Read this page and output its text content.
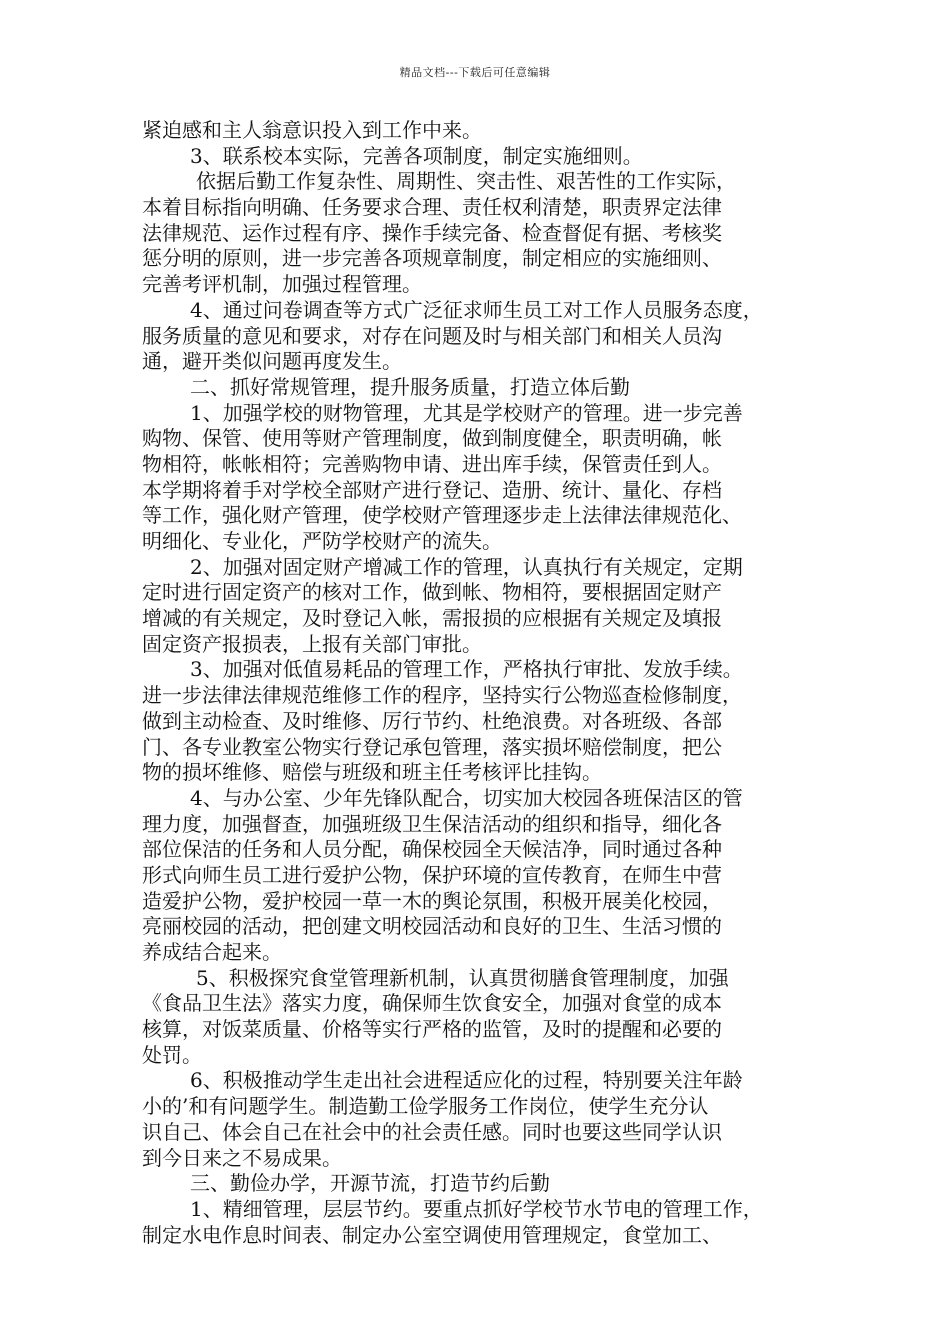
精品文档---下载后可任意编辑
紧迫感和主人翁意识投入到工作中来。
3、联系校本实际，完善各项制度，制定实施细则。
依据后勤工作复杂性、周期性、突击性、艰苦性的工作实际，
本着目标指向明确、任务要求合理、责任权利清楚，职责界定法律
法律规范、运作过程有序、操作手续完备、检查督促有据、考核奖
惩分明的原则，进一步完善各项规章制度，制定相应的实施细则、
完善考评机制，加强过程管理。
4、通过问卷调查等方式广泛征求师生员工对工作人员服务态度，
服务质量的意见和要求，对存在问题及时与相关部门和相关人员沟
通，避开类似问题再度发生。
二、抓好常规管理，提升服务质量，打造立体后勤
1、加强学校的财物管理，尤其是学校财产的管理。进一步完善
购物、保管、使用等财产管理制度，做到制度健全，职责明确，帐
物相符，帐帐相符；完善购物申请、进出库手续，保管责任到人。
本学期将着手对学校全部财产进行登记、造册、统计、量化、存档
等工作，强化财产管理，使学校财产管理逐步走上法律法律规范化、
明细化、专业化，严防学校财产的流失。
2、加强对固定财产增减工作的管理，认真执行有关规定，定期
定时进行固定资产的核对工作，做到帐、物相符，要根据固定财产
增减的有关规定，及时登记入帐，需报损的应根据有关规定及填报
固定资产报损表，上报有关部门审批。
3、加强对低值易耗品的管理工作，严格执行审批、发放手续。
进一步法律法律规范维修工作的程序，坚持实行公物巡查检修制度，
做到主动检查、及时维修、厉行节约、杜绝浪费。对各班级、各部
门、各专业教室公物实行登记承包管理，落实损坏赔偿制度，把公
物的损坏维修、赔偿与班级和班主任考核评比挂钩。
4、与办公室、少年先锋队配合，切实加大校园各班保洁区的管
理力度，加强督查，加强班级卫生保洁活动的组织和指导，细化各
部位保洁的任务和人员分配，确保校园全天候洁净，同时通过各种
形式向师生员工进行爱护公物，保护环境的宣传教育，在师生中营
造爱护公物，爱护校园一草一木的舆论氛围，积极开展美化校园，
亮丽校园的活动，把创建文明校园活动和良好的卫生、生活习惯的
养成结合起来。
5、积极探究食堂管理新机制，认真贯彻膳食管理制度，加强
《食品卫生法》落实力度，确保师生饮食安全，加强对食堂的成本
核算，对饭菜质量、价格等实行严格的监管，及时的提醒和必要的
处罚。
6、积极推动学生走出社会进程适应化的过程，特别要关注年龄
小的’和有问题学生。制造勤工俭学服务工作岗位，使学生充分认
识自己、体会自己在社会中的社会责任感。同时也要这些同学认识
到今日来之不易成果。
三、勤俭办学，开源节流，打造节约后勤
1、精细管理，层层节约。要重点抓好学校节水节电的管理工作，
制定水电作息时间表、制定办公室空调使用管理规定，食堂加工、
